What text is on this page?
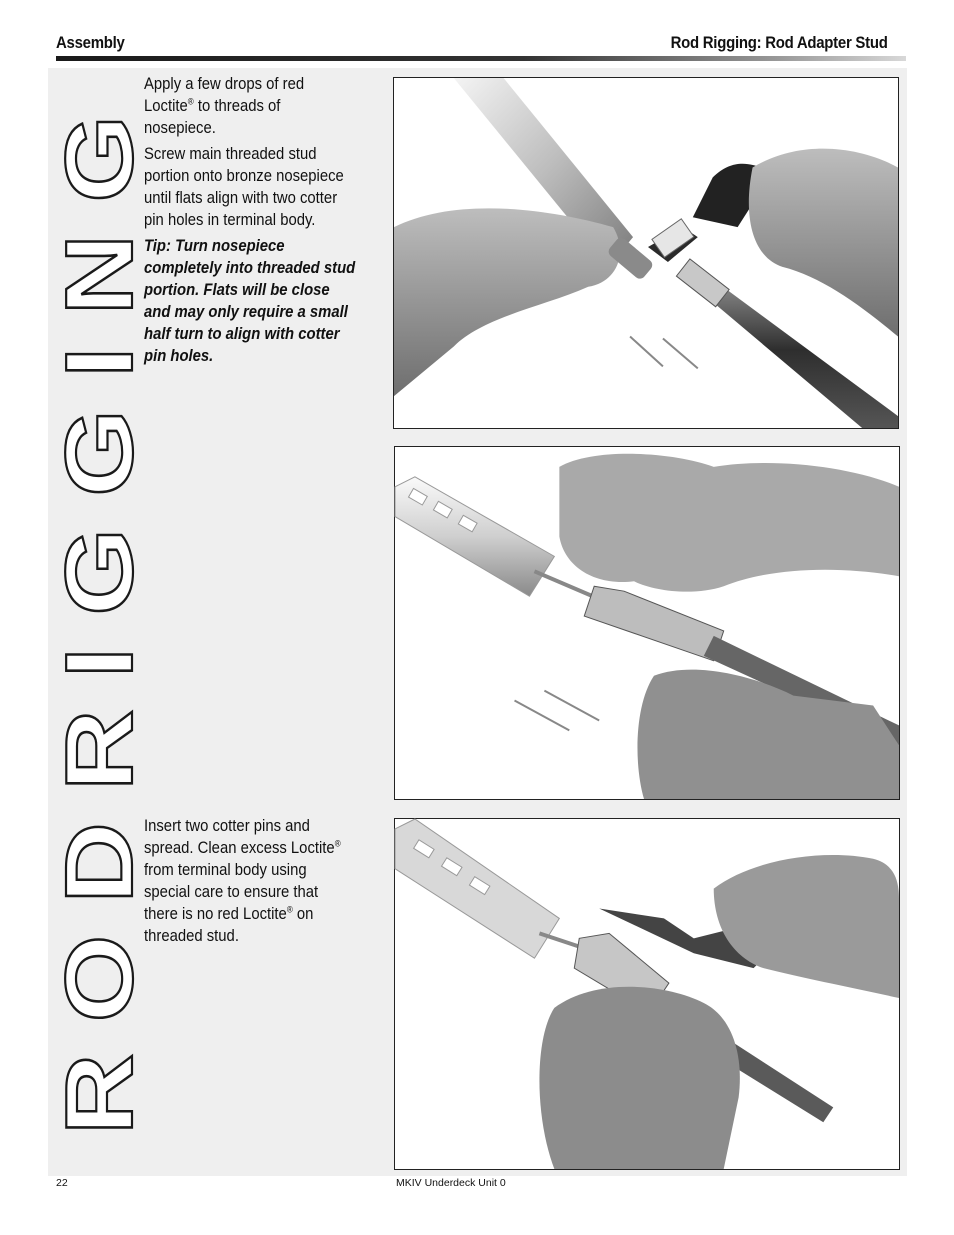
Assembly	Rod Rigging: Rod Adapter Stud
R O D R I G G I N G

Apply a few drops of red Loctite® to threads of nosepiece.

Screw main threaded stud portion onto bronze nosepiece until flats align with two cotter pin holes in terminal body.

Tip: Turn nosepiece completely into threaded stud portion. Flats will be close and may only require a small half turn to align with cotter pin holes.

Insert two cotter pins and spread. Clean excess Loctite® from terminal body using special care to ensure that there is no red Loctite® on threaded stud.

22	MKIV Underdeck Unit 0
